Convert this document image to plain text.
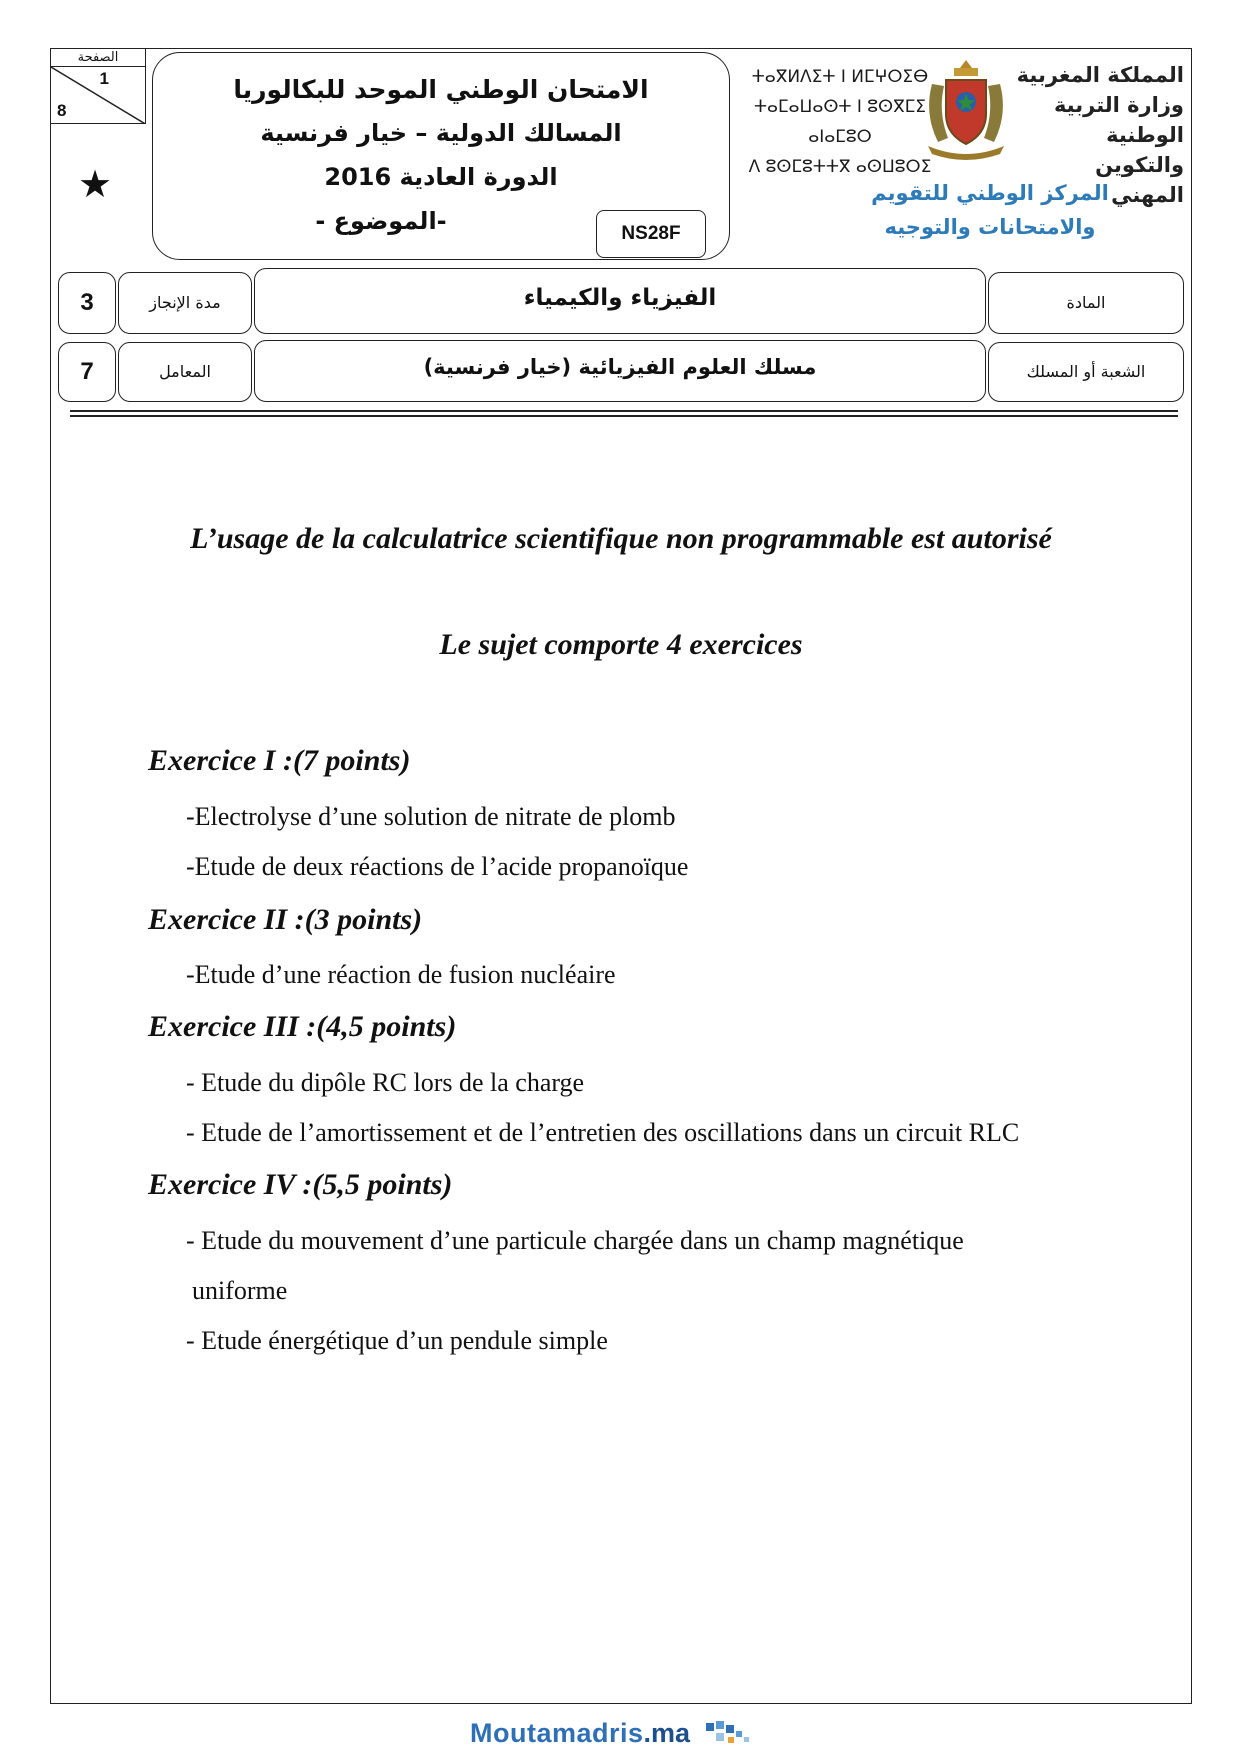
الصفحة
1
8
★
الامتحان الوطني الموحد للبكالوريا
المسالك الدولية – خيار فرنسية
الدورة العادية 2016
-الموضوع -	NS28F
ⵜⴰⴳⵍⴷⵉⵜ ⵏ ⵍⵎⵖⵔⵉⴱ
ⵜⴰⵎⴰⵡⴰⵙⵜ ⵏ ⵓⵙⴳⵎⵉ ⴰⵏⴰⵎⵓⵔ
ⴷ ⵓⵙⵎⵓⵜⵜⴳ ⴰⵙⵡⵓⵔⵉ
المملكة المغربية
وزارة التربية الوطنية
والتكوين المهني
المركز الوطني للتقويم
والامتحانات والتوجيه
3	مدة الإنجاز	الفيزياء والكيمياء	المادة
7	المعامل	مسلك العلوم الفيزيائية (خيار فرنسية)	الشعبة أو المسلك
L’usage de la calculatrice scientifique non programmable est autorisé
Le sujet comporte 4 exercices
Exercice I :(7 points)
-Electrolyse d’une solution de nitrate de plomb
-Etude de deux réactions de l’acide propanoïque
Exercice II :(3 points)
-Etude d’une réaction de fusion nucléaire
Exercice III :(4,5 points)
- Etude du dipôle RC lors de la charge
- Etude de l’amortissement et de l’entretien des oscillations dans un circuit RLC
Exercice IV :(5,5 points)
- Etude du mouvement d’une particule chargée dans un champ magnétique
uniforme
- Etude énergétique d’un pendule simple
Moutamadris.ma
